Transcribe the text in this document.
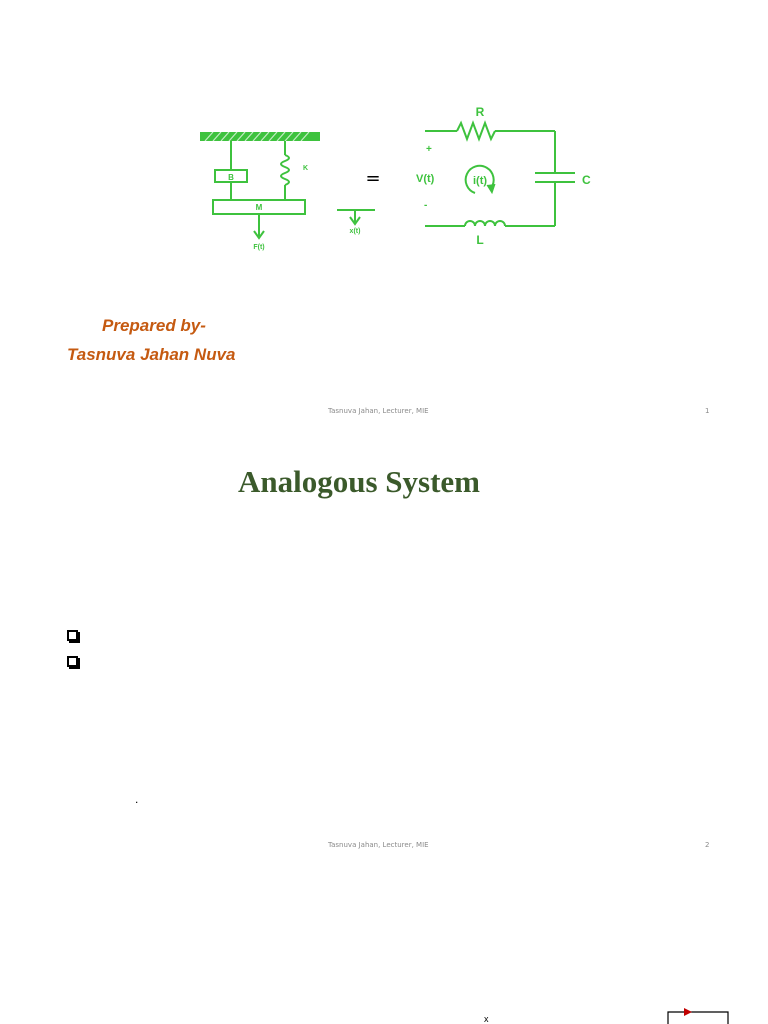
B
K
M
F(t)
x(t)
=
R
C
L
+
V(t)
-
i(t)
Prepared by-
Tasnuva Jahan Nuva
Tasnuva Jahan, Lecturer, MIE	1
Analogous System
.
Tasnuva Jahan, Lecturer, MIE	2
x
